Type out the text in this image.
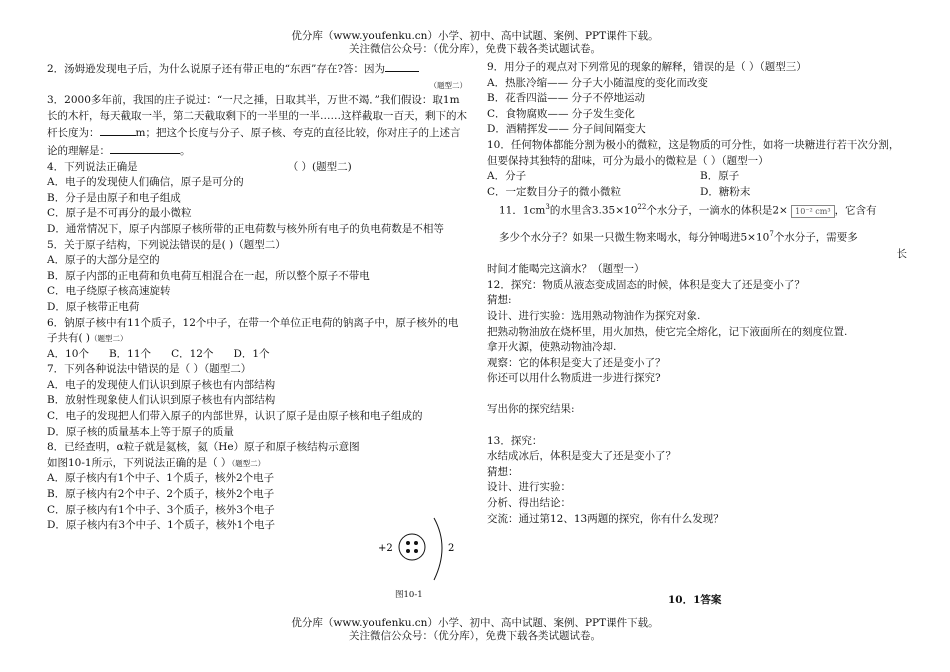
优分库（www.youfenku.cn）小学、初中、高中试题、案例、PPT课件下载。
关注微信公众号：（优分库），免费下载各类试题试卷。

2．汤姆逊发现电子后，为什么说原子还有带正电的“东西”存在?答：因为

（题型二）

3．2000多年前，我国的庄子说过：“一尺之捶，日取其半，万世不竭．”我们假设：取1m长的木杆，每天截取一半，第二天截取剩下的一半里的一半……这样截取一百天，剩下的木杆长度为：	m；把这个长度与分子、原子核、夸克的直径比较，你对庄子的上述言论的理解是：	。

4．下列说法正确是	（ ）(题型二)

A．电子的发现使人们确信，原子是可分的

B．分子是由原子和电子组成

C．原子是不可再分的最小微粒

D．通常情况下，原子内部原子核所带的正电荷数与核外所有电子的负电荷数是不相等

5．关于原子结构，下列说法错误的是( )（题型二）

A．原子的大部分是空的

B．原子内部的正电荷和负电荷互相混合在一起，所以整个原子不带电

C．电子绕原子核高速旋转

D．原子核带正电荷

6．钠原子核中有11个质子，12个中子，在带一个单位正电荷的钠离子中，原子核外的电子共有( )（题型二）

A．10个      B．11个      C．12个      D．1个

7．下列各种说法中错误的是（ ）（题型二）

A．电子的发现使人们认识到原子核也有内部结构

B．放射性现象使人们认识到原子核也有内部结构

C．电子的发现把人们带入原子的内部世界，认识了原子是由原子核和电子组成的

D．原子核的质量基本上等于原子的质量

8．已经查明，α粒子就是氦核，氦（He）原子和原子核结构示意图如图10-1所示，下列说法正确的是（ ）（题型二）

A．原子核内有1个中子、1个质子，核外2个电子

B．原子核内有2个中子、2个质子，核外2个电子

C．原子核内有1个中子、3个质子，核外3个电子

D．原子核内有3个中子、1个质子，核外1个电子

+2	2
图10-1

9．用分子的观点对下列常见的现象的解释，错误的是（ ）（题型三）

A．热胀冷缩—— 分子大小随温度的变化而改变

B．花香四溢—— 分子不停地运动

C．食物腐败—— 分子发生变化

D．酒精挥发—— 分子间间隔变大

10．任何物体都能分割为极小的微粒，这是物质的可分性，如将一块糖进行若干次分割，但要保持其独特的甜味，可分为最小的微粒是（ ）（题型一）

A．分子	B．原子

C．一定数目分子的微小微粒	D．糖粉末

11．$1cm^3$的水里含$3.35\times 10^{22}$个水分子，一滴水的体积是2× 10⁻² cm³ ，它含有

多少个水分子？如果一只微生物来喝水，每分钟喝进$5\times 10^7$个水分子，需要多

长

时间才能喝完这滴水？（题型一）

12．探究：物质从液态变成固态的时候，体积是变大了还是变小了？

猜想:

设计、进行实验：选用熟动物油作为探究对象.

把熟动物油放在烧杯里，用火加热，使它完全熔化，记下液面所在的刻度位置.

拿开火源，使熟动物油冷却.

观察：它的体积是变大了还是变小了？

你还可以用什么物质进一步进行探究?

写出你的探究结果:

13．探究：

水结成冰后，体积是变大了还是变小了？

猜想：

设计、进行实验：

分析、得出结论：

交流：通过第12、13两题的探究，你有什么发现？

10．1答案
优分库（www.youfenku.cn）小学、初中、高中试题、案例、PPT课件下载。
关注微信公众号：（优分库），免费下载各类试题试卷。
